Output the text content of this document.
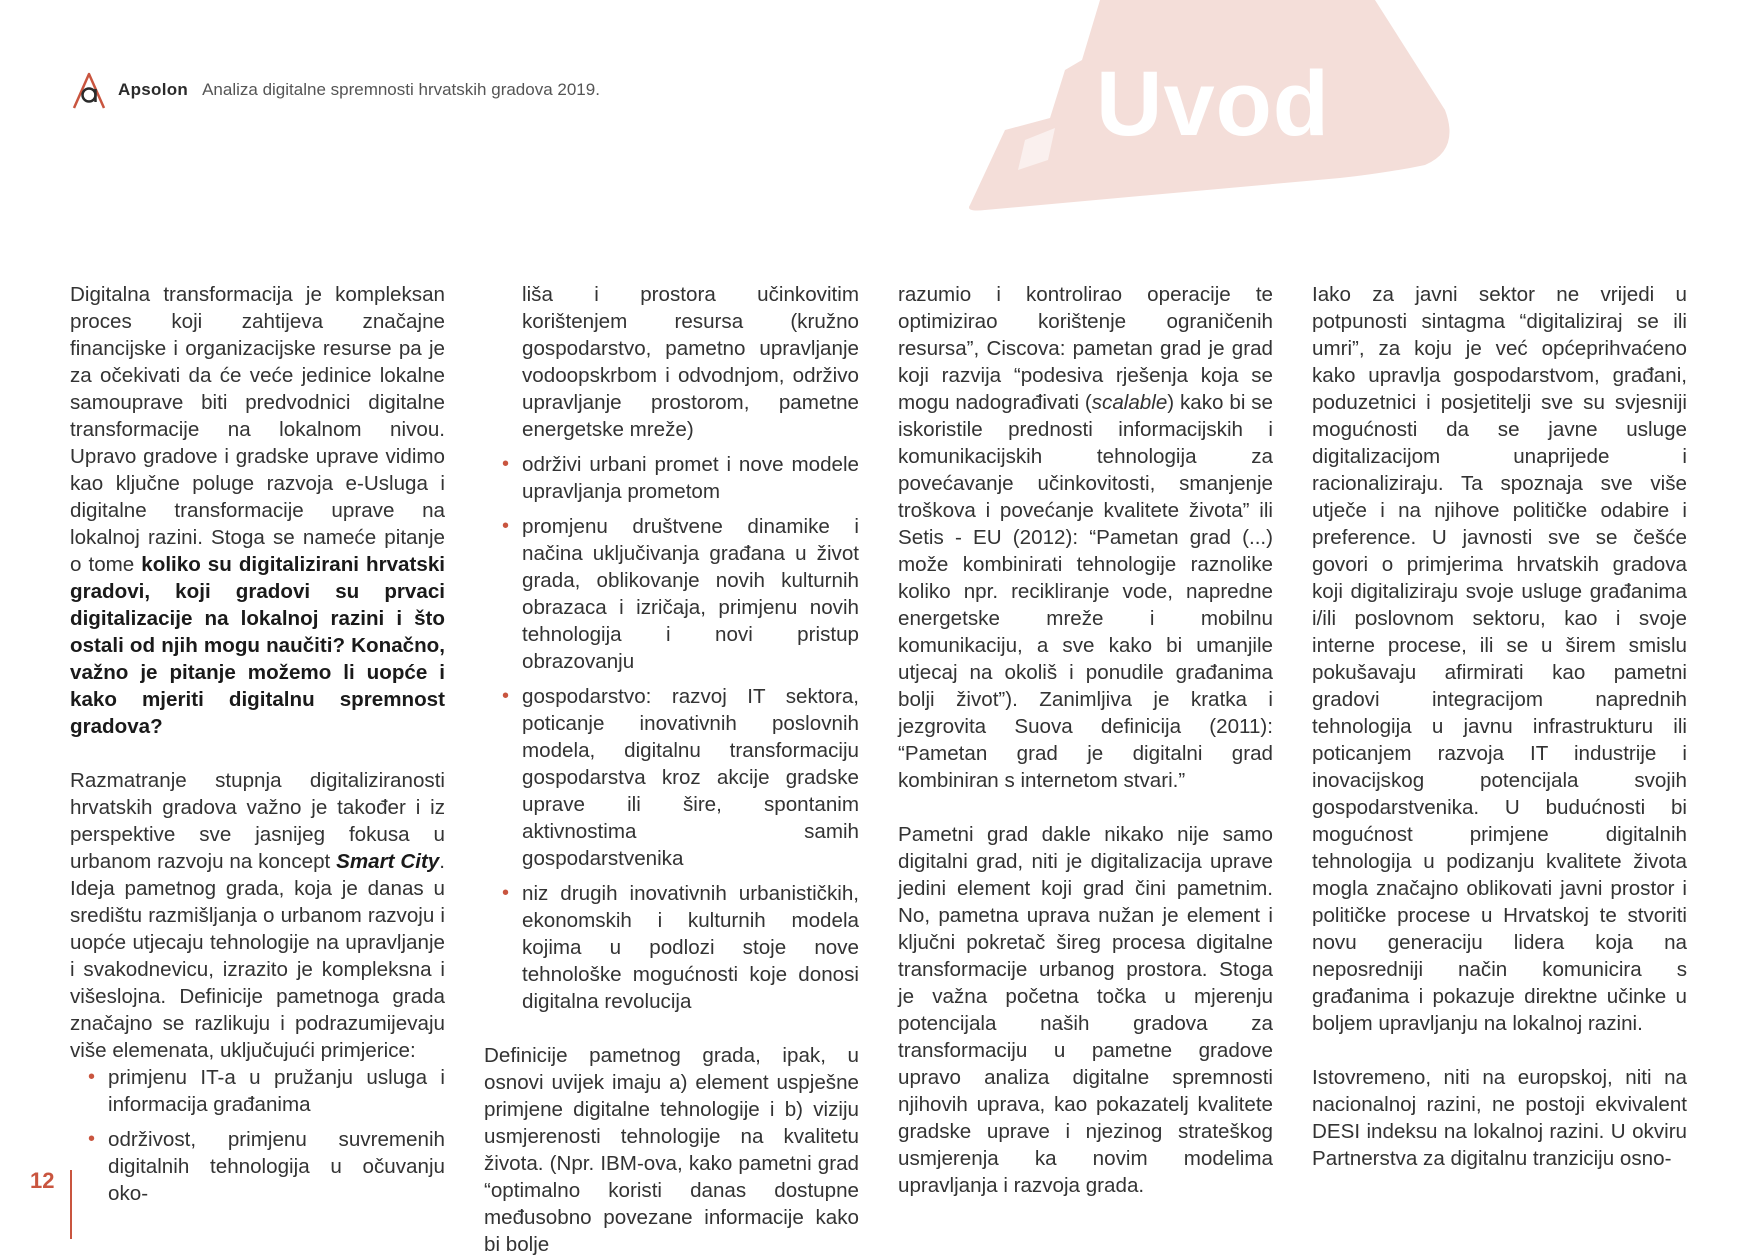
Apsolon Analiza digitalne spremnosti hrvatskih gradova 2019.	Uvod

Digitalna transformacija je kompleksan proces koji zahtijeva značajne financijske i organizacijske resurse pa je za očekivati da će veće jedinice lokalne samouprave biti predvodnici digitalne transformacije na lokalnom nivou. Upravo gradove i gradske uprave vidimo kao ključne poluge razvoja e-Usluga i digitalne transformacije uprave na lokalnoj razini. Stoga se nameće pitanje o tome koliko su digitalizirani hrvatski gradovi, koji gradovi su prvaci digitalizacije na lokalnoj razini i što ostali od njih mogu naučiti? Konačno, važno je pitanje možemo li uopće i kako mjeriti digitalnu spremnost gradova?

Razmatranje stupnja digitaliziranosti hrvatskih gradova važno je također i iz perspektive sve jasnijeg fokusa u urbanom razvoju na koncept Smart City. Ideja pametnog grada, koja je danas u središtu razmišljanja o urbanom razvoju i uopće utjecaju tehnologije na upravljanje i svakodnevicu, izrazito je kompleksna i višeslojna. Definicije pametnoga grada značajno se razlikuju i podrazumijevaju više elemenata, uključujući primjerice:

• primjenu IT-a u pružanju usluga i informacija građanima
• održivost, primjenu suvremenih digitalnih tehnologija u očuvanju oko-

liša i prostora učinkovitim korištenjem resursa (kružno gospodarstvo, pametno upravljanje vodoopskrbom i odvodnjom, održivo upravljanje prostorom, pametne energetske mreže)

• održivi urbani promet i nove modele upravljanja prometom
• promjenu društvene dinamike i načina uključivanja građana u život grada, oblikovanje novih kulturnih obrazaca i izričaja, primjenu novih tehnologija i novi pristup obrazovanju
• gospodarstvo: razvoj IT sektora, poticanje inovativnih poslovnih modela, digitalnu transformaciju gospodarstva kroz akcije gradske uprave ili šire, spontanim aktivnostima samih gospodarstvenika
• niz drugih inovativnih urbanističkih, ekonomskih i kulturnih modela kojima u podlozi stoje nove tehnološke mogućnosti koje donosi digitalna revolucija

Definicije pametnog grada, ipak, u osnovi uvijek imaju a) element uspješne primjene digitalne tehnologije i b) viziju usmjerenosti tehnologije na kvalitetu života. (Npr. IBM-ova, kako pametni grad “optimalno koristi danas dostupne međusobno povezane informacije kako bi bolje

razumio i kontrolirao operacije te optimizirao korištenje ograničenih resursa”, Ciscova: pametan grad je grad koji razvija “podesiva rješenja koja se mogu nadograđivati (scalable) kako bi se iskoristile prednosti informacijskih i komunikacijskih tehnologija za povećavanje učinkovitosti, smanjenje troškova i povećanje kvalitete života” ili Setis - EU (2012): “Pametan grad (...) može kombinirati tehnologije raznolike koliko npr. recikliranje vode, napredne energetske mreže i mobilnu komunikaciju, a sve kako bi umanjile utjecaj na okoliš i ponudile građanima bolji život”). Zanimljiva je kratka i jezgrovita Suova definicija (2011): “Pametan grad je digitalni grad kombiniran s internetom stvari.”

Pametni grad dakle nikako nije samo digitalni grad, niti je digitalizacija uprave jedini element koji grad čini pametnim. No, pametna uprava nužan je element i ključni pokretač šireg procesa digitalne transformacije urbanog prostora. Stoga je važna početna točka u mjerenju potencijala naših gradova za transformaciju u pametne gradove upravo analiza digitalne spremnosti njihovih uprava, kao pokazatelj kvalitete gradske uprave i njezinog strateškog usmjerenja ka novim modelima upravljanja i razvoja grada.

Iako za javni sektor ne vrijedi u potpunosti sintagma “digitaliziraj se ili umri”, za koju je već općeprihvaćeno kako upravlja gospodarstvom, građani, poduzetnici i posjetitelji sve su svjesniji mogućnosti da se javne usluge digitalizacijom unaprijede i racionaliziraju. Ta spoznaja sve više utječe i na njihove političke odabire i preference. U javnosti sve se češće govori o primjerima hrvatskih gradova koji digitaliziraju svoje usluge građanima i/ili poslovnom sektoru, kao i svoje interne procese, ili se u širem smislu pokušavaju afirmirati kao pametni gradovi integracijom naprednih tehnologija u javnu infrastrukturu ili poticanjem razvoja IT industrije i inovacijskog potencijala svojih gospodarstvenika. U budućnosti bi mogućnost primjene digitalnih tehnologija u podizanju kvalitete života mogla značajno oblikovati javni prostor i političke procese u Hrvatskoj te stvoriti novu generaciju lidera koja na neposredniji način komunicira s građanima i pokazuje direktne učinke u boljem upravljanju na lokalnoj razini.

Istovremeno, niti na europskoj, niti na nacionalnoj razini, ne postoji ekvivalent DESI indeksu na lokalnoj razini. U okviru Partnerstva za digitalnu tranziciju osno-

12
